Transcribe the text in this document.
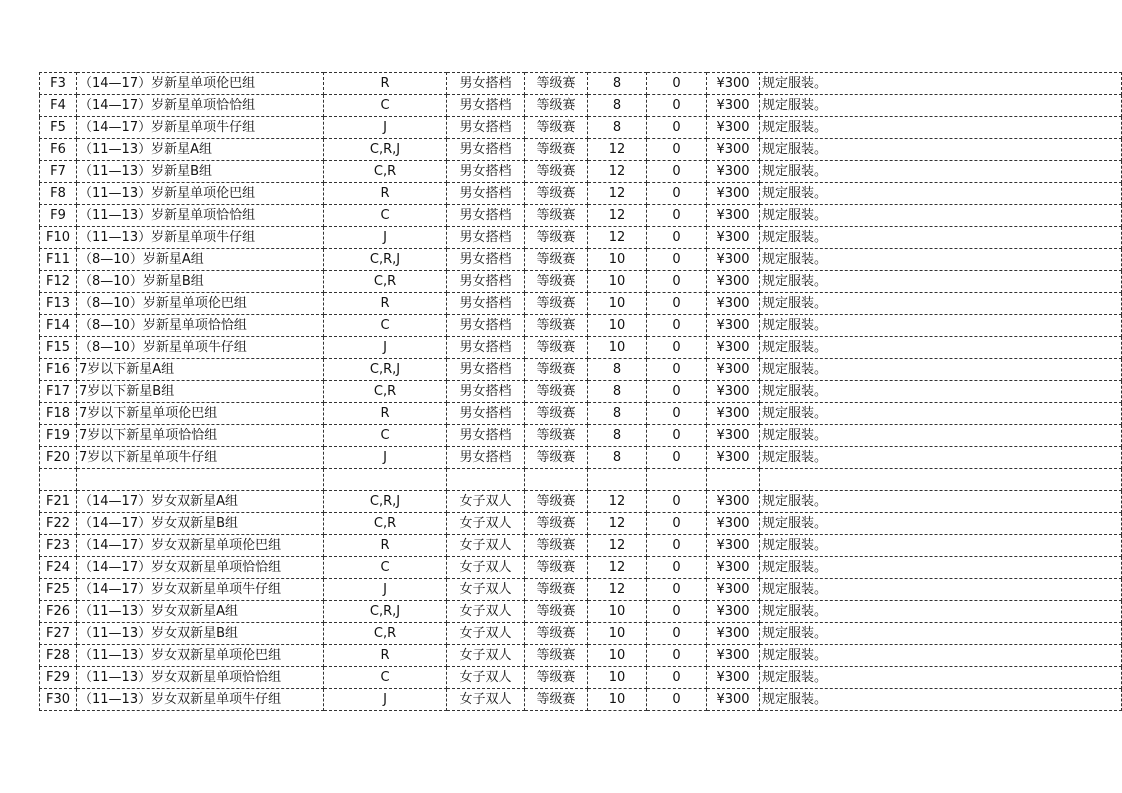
F3	（14—17）岁新星单项伦巴组	R	男女搭档	等级赛	8	0	¥300	规定服装。
F4	（14—17）岁新星单项恰恰组	C	男女搭档	等级赛	8	0	¥300	规定服装。
F5	（14—17）岁新星单项牛仔组	J	男女搭档	等级赛	8	0	¥300	规定服装。
F6	（11—13）岁新星A组	C,R,J	男女搭档	等级赛	12	0	¥300	规定服装。
F7	（11—13）岁新星B组	C,R	男女搭档	等级赛	12	0	¥300	规定服装。
F8	（11—13）岁新星单项伦巴组	R	男女搭档	等级赛	12	0	¥300	规定服装。
F9	（11—13）岁新星单项恰恰组	C	男女搭档	等级赛	12	0	¥300	规定服装。
F10	（11—13）岁新星单项牛仔组	J	男女搭档	等级赛	12	0	¥300	规定服装。
F11	（8—10）岁新星A组	C,R,J	男女搭档	等级赛	10	0	¥300	规定服装。
F12	（8—10）岁新星B组	C,R	男女搭档	等级赛	10	0	¥300	规定服装。
F13	（8—10）岁新星单项伦巴组	R	男女搭档	等级赛	10	0	¥300	规定服装。
F14	（8—10）岁新星单项恰恰组	C	男女搭档	等级赛	10	0	¥300	规定服装。
F15	（8—10）岁新星单项牛仔组	J	男女搭档	等级赛	10	0	¥300	规定服装。
F16	7岁以下新星A组	C,R,J	男女搭档	等级赛	8	0	¥300	规定服装。
F17	7岁以下新星B组	C,R	男女搭档	等级赛	8	0	¥300	规定服装。
F18	7岁以下新星单项伦巴组	R	男女搭档	等级赛	8	0	¥300	规定服装。
F19	7岁以下新星单项恰恰组	C	男女搭档	等级赛	8	0	¥300	规定服装。
F20	7岁以下新星单项牛仔组	J	男女搭档	等级赛	8	0	¥300	规定服装。

F21	（14—17）岁女双新星A组	C,R,J	女子双人	等级赛	12	0	¥300	规定服装。
F22	（14—17）岁女双新星B组	C,R	女子双人	等级赛	12	0	¥300	规定服装。
F23	（14—17）岁女双新星单项伦巴组	R	女子双人	等级赛	12	0	¥300	规定服装。
F24	（14—17）岁女双新星单项恰恰组	C	女子双人	等级赛	12	0	¥300	规定服装。
F25	（14—17）岁女双新星单项牛仔组	J	女子双人	等级赛	12	0	¥300	规定服装。
F26	（11—13）岁女双新星A组	C,R,J	女子双人	等级赛	10	0	¥300	规定服装。
F27	（11—13）岁女双新星B组	C,R	女子双人	等级赛	10	0	¥300	规定服装。
F28	（11—13）岁女双新星单项伦巴组	R	女子双人	等级赛	10	0	¥300	规定服装。
F29	（11—13）岁女双新星单项恰恰组	C	女子双人	等级赛	10	0	¥300	规定服装。
F30	（11—13）岁女双新星单项牛仔组	J	女子双人	等级赛	10	0	¥300	规定服装。
